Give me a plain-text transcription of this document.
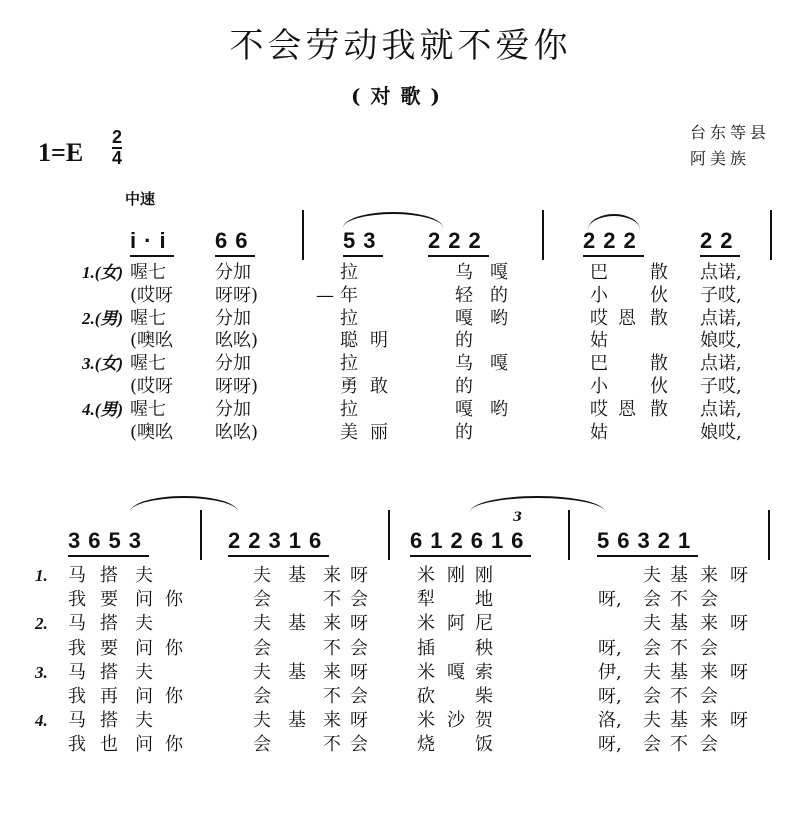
不会劳动我就不爱你
(对歌)
1=E
2
4
中速
台东等县
阿美族
i·i 66	53 222	222	22
1.(女) 喔七	分加	拉	乌 嘎	巴 散 点诺,
(哎呀 呀呀)	— 年	轻 的	小 伙 子哎,
2.(男) 喔七	分加	拉	嘎 哟	哎 恩 散 点诺,
(噢吆 吆吆)	聪 明	的	姑	娘哎,
3.(女) 喔七	分加	拉	乌 嘎	巴 散 点诺,
(哎呀 呀呀)	勇 敢	的	小 伙 子哎,
4.(男) 喔七	分加	拉	嘎 哟	哎 恩 散 点诺,
(噢吆 吆吆)	美 丽	的	姑	娘哎,
3
3653	22316	612616	56321
1. 马 搭 夫	夫 基 来 呀	米 刚 刚	夫 基 来 呀
我 要 问 你	会	不 会	犁 地	呀, 会 不 会
2. 马 搭 夫	夫 基 来 呀	米 阿 尼	夫 基 来 呀
我 要 问 你	会	不 会	插 秧	呀, 会 不 会
3. 马 搭 夫	夫 基 来 呀	米 嘎 索	伊, 夫 基 来 呀
我 再 问 你	会	不 会	砍 柴	呀, 会 不 会
4. 马 搭 夫	夫 基 来 呀	米 沙 贺	洛, 夫 基 来 呀
我 也 问 你	会	不 会	烧 饭	呀, 会 不 会
